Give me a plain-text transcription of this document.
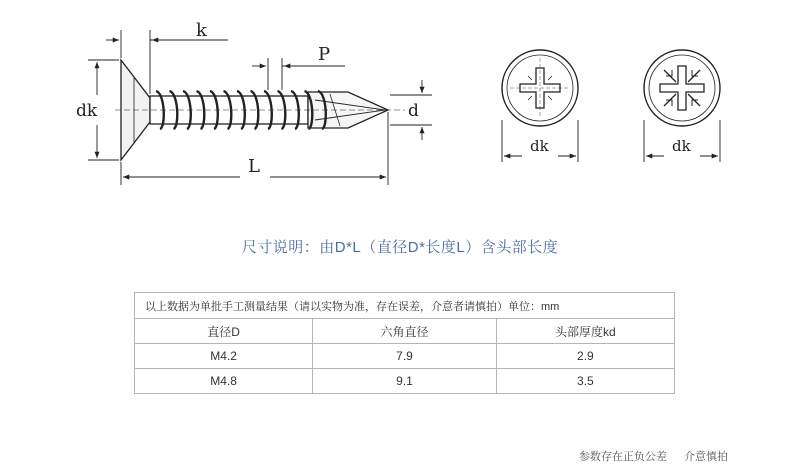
k
P
dk	d
L
dk	dk
尺寸说明：由D*L（直径D*长度L）含头部长度
以上数据为单批手工测量结果（请以实物为准，存在误差，介意者请慎拍）单位：mm		
直径D	六角直径	头部厚度kd
M4.2	7.9	2.9
M4.8	9.1	3.5
参数存在正负公差 介意慎拍
